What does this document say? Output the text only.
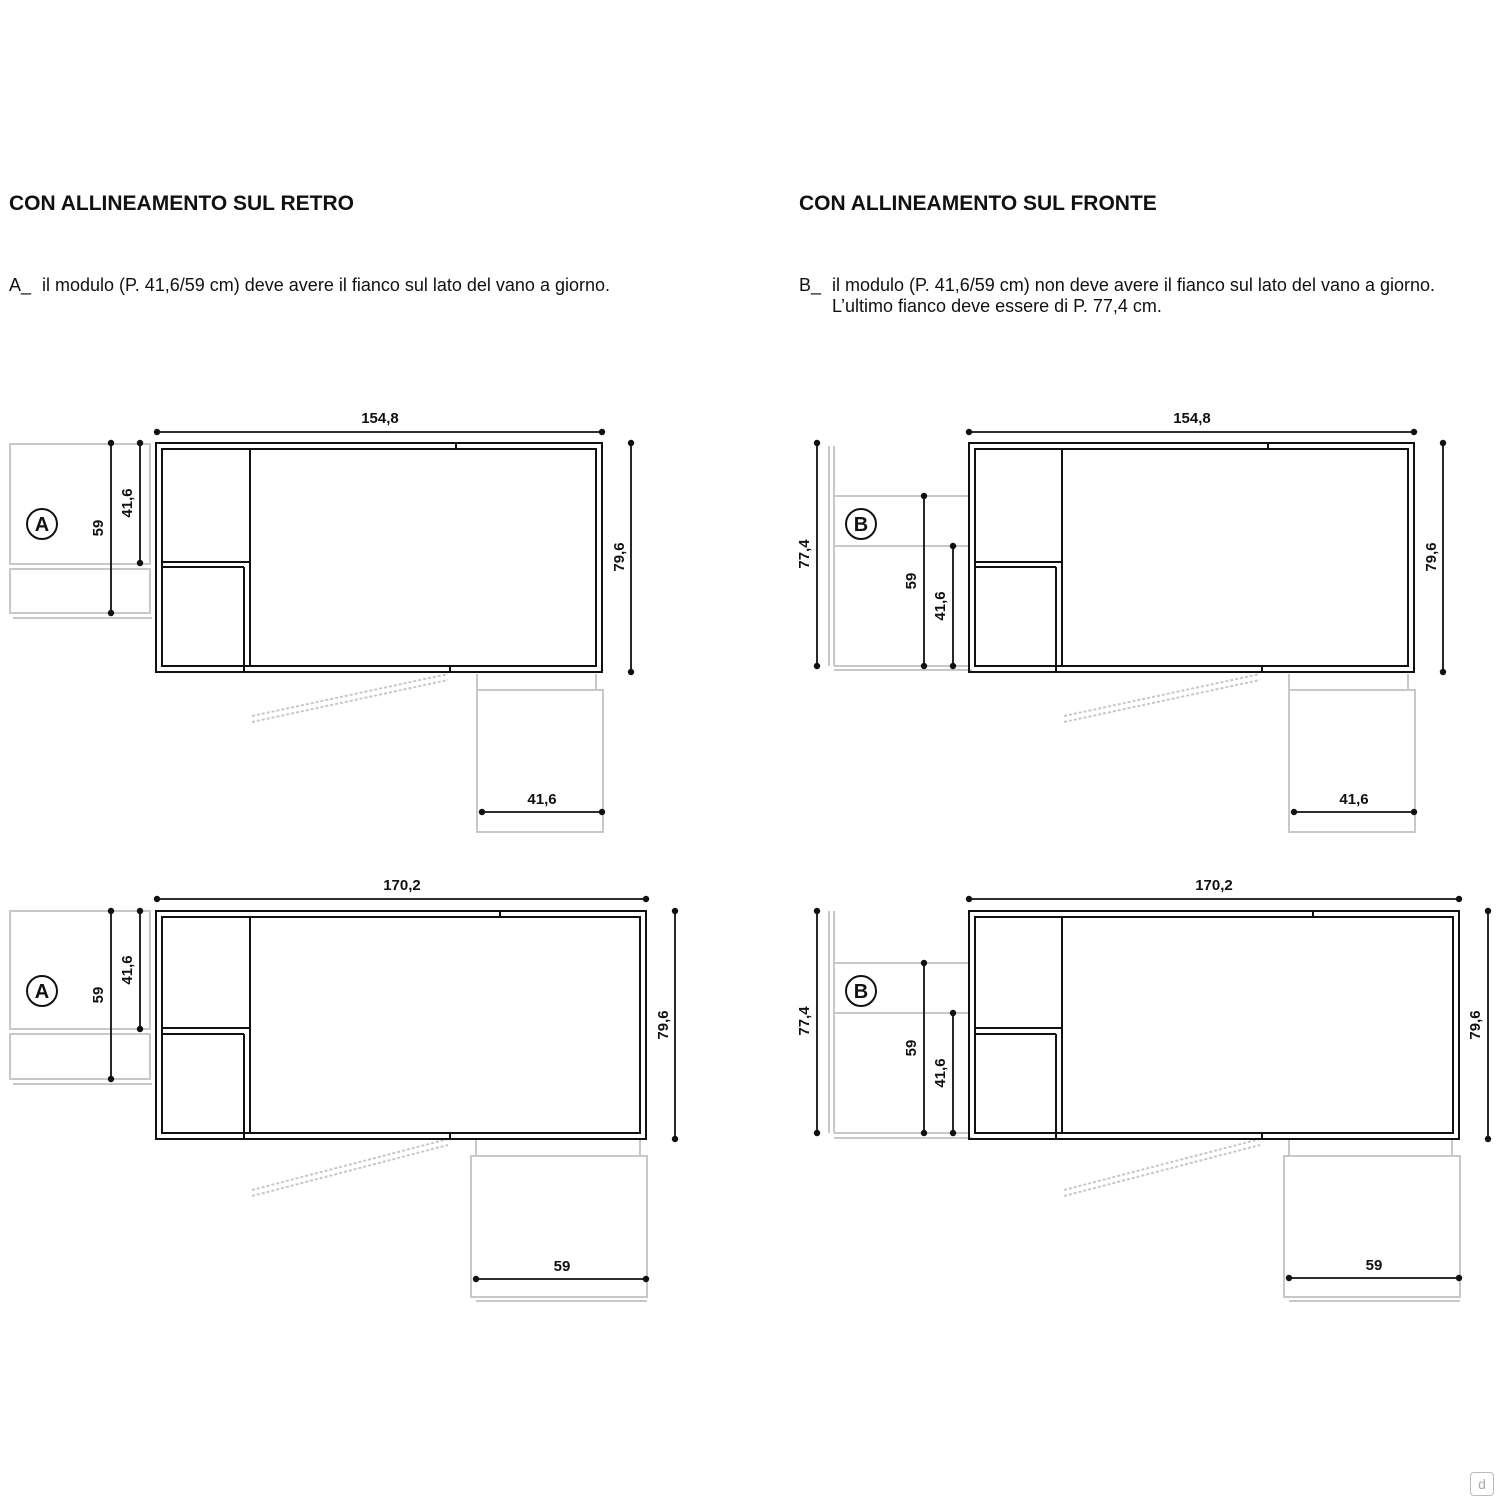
CON ALLINEAMENTO SUL RETRO	CON ALLINEAMENTO SUL FRONTE
A_ il modulo (P. 41,6/59 cm) deve avere il fianco sul lato del vano a giorno.	B_ il modulo (P. 41,6/59 cm) non deve avere il fianco sul lato del vano a giorno.
L’ultimo fianco deve essere di P. 77,4 cm.
A
154,8
79,6
59
41,6
41,6
B
154,8
79,6
77,4
59
41,6
41,6
A
170,2
79,6
59
41,6
59
B
170,2
79,6
77,4
59
41,6
59
d
